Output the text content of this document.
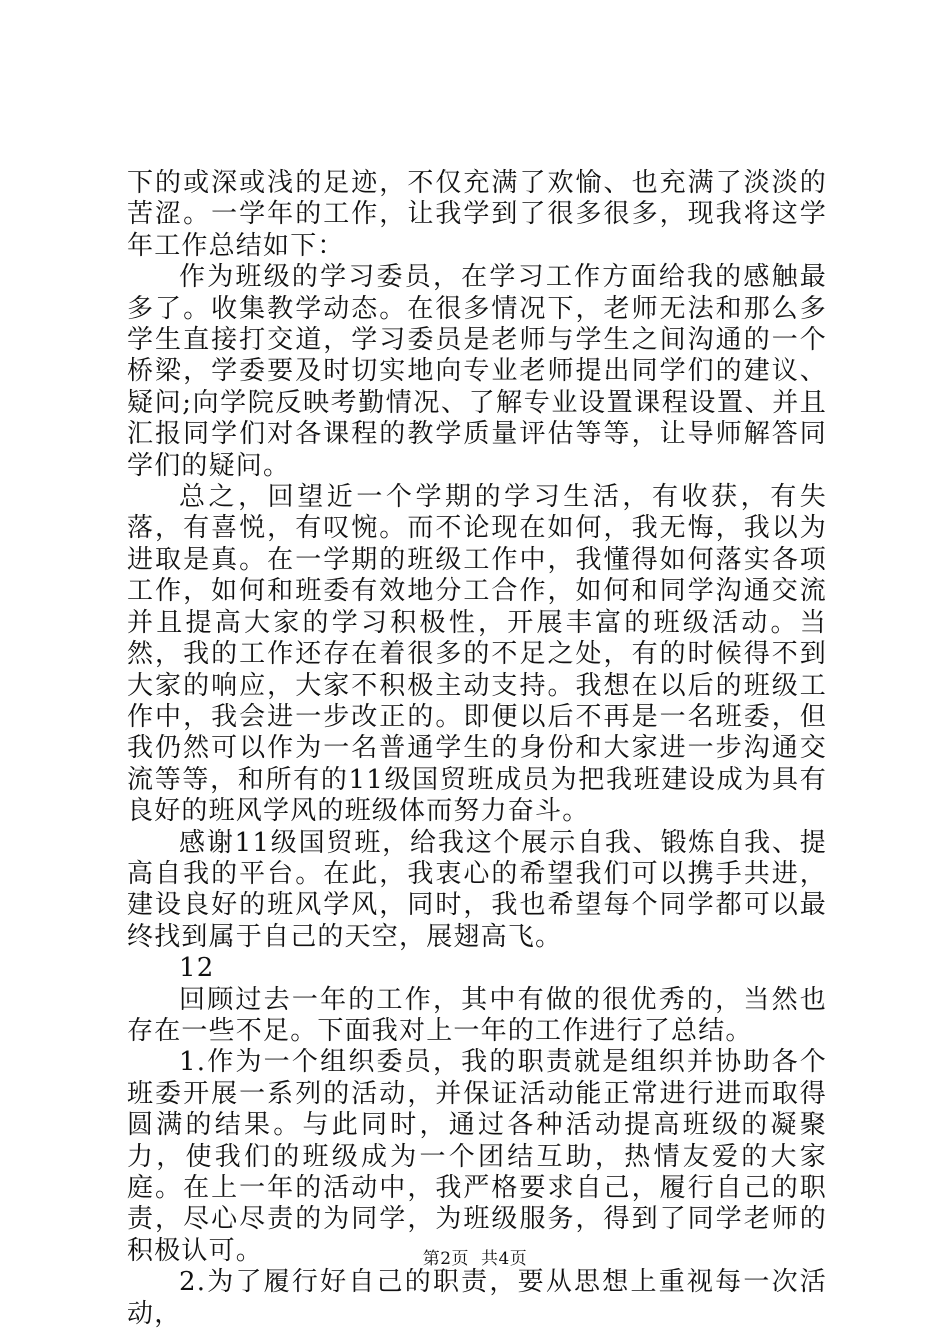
下的或深或浅的足迹，不仅充满了欢愉、也充满了淡淡的苦涩。一学年的工作，让我学到了很多很多，现我将这学年工作总结如下：

作为班级的学习委员，在学习工作方面给我的感触最多了。收集教学动态。在很多情况下，老师无法和那么多学生直接打交道，学习委员是老师与学生之间沟通的一个桥梁，学委要及时切实地向专业老师提出同学们的建议、疑问;向学院反映考勤情况、了解专业设置课程设置、并且汇报同学们对各课程的教学质量评估等等，让导师解答同学们的疑问。

总之，回望近一个学期的学习生活，有收获，有失落，有喜悦，有叹惋。而不论现在如何，我无悔，我以为进取是真。在一学期的班级工作中，我懂得如何落实各项工作，如何和班委有效地分工合作，如何和同学沟通交流并且提高大家的学习积极性，开展丰富的班级活动。当然，我的工作还存在着很多的不足之处，有的时候得不到大家的响应，大家不积极主动支持。我想在以后的班级工作中，我会进一步改正的。即便以后不再是一名班委，但我仍然可以作为一名普通学生的身份和大家进一步沟通交流等等，和所有的11级国贸班成员为把我班建设成为具有良好的班风学风的班级体而努力奋斗。

感谢11级国贸班，给我这个展示自我、锻炼自我、提高自我的平台。在此，我衷心的希望我们可以携手共进，建设良好的班风学风，同时，我也希望每个同学都可以最终找到属于自己的天空，展翅高飞。

12

回顾过去一年的工作，其中有做的很优秀的，当然也存在一些不足。下面我对上一年的工作进行了总结。

1.作为一个组织委员，我的职责就是组织并协助各个班委开展一系列的活动，并保证活动能正常进行进而取得圆满的结果。与此同时，通过各种活动提高班级的凝聚力，使我们的班级成为一个团结互助，热情友爱的大家庭。在上一年的活动中，我严格要求自己，履行自己的职责，尽心尽责的为同学，为班级服务，得到了同学老师的积极认可。

2.为了履行好自己的职责，要从思想上重视每一次活动，

第2页 共4页
